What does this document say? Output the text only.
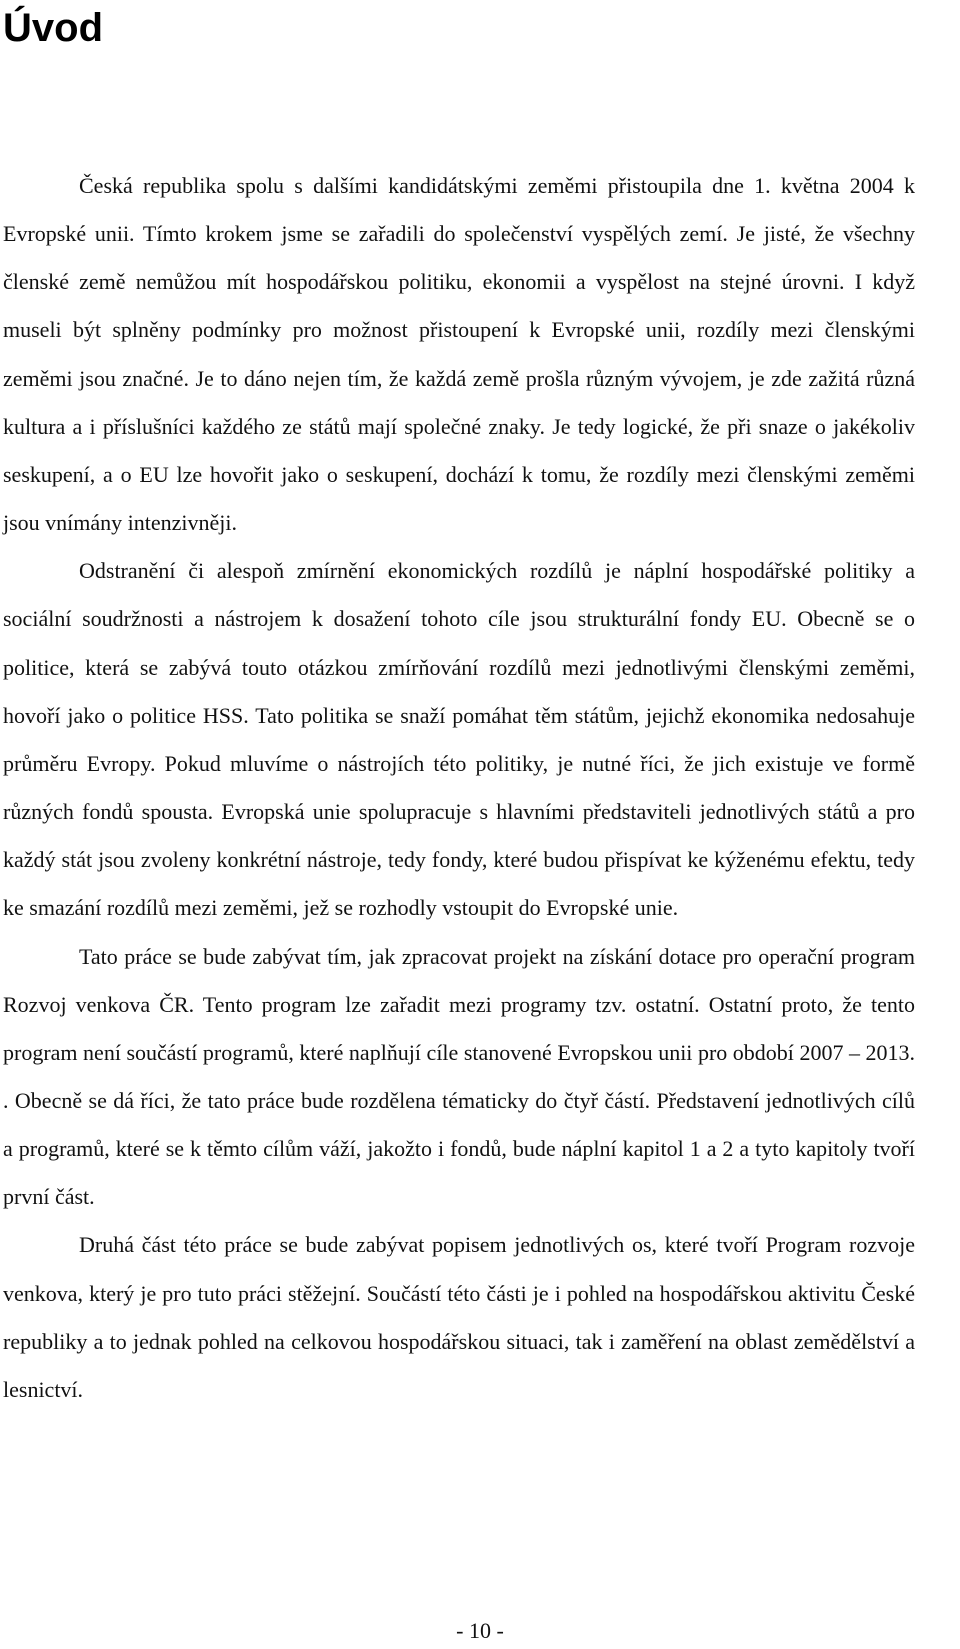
Úvod

Česká republika spolu s dalšími kandidátskými zeměmi přistoupila dne 1. května 2004 k Evropské unii. Tímto krokem jsme se zařadili do společenství vyspělých zemí. Je jisté, že všechny členské země nemůžou mít hospodářskou politiku, ekonomii a vyspělost na stejné úrovni. I když museli být splněny podmínky pro možnost přistoupení k Evropské unii, rozdíly mezi členskými zeměmi jsou značné. Je to dáno nejen tím, že každá země prošla různým vývojem, je zde zažitá různá kultura a i příslušníci každého ze států mají společné znaky. Je tedy logické, že při snaze o jakékoliv seskupení, a o EU lze hovořit jako o seskupení, dochází k tomu, že rozdíly mezi členskými zeměmi jsou vnímány intenzivněji.

Odstranění či alespoň zmírnění ekonomických rozdílů je náplní hospodářské politiky a sociální soudržnosti a nástrojem k dosažení tohoto cíle jsou strukturální fondy EU. Obecně se o politice, která se zabývá touto otázkou zmírňování rozdílů mezi jednotlivými členskými zeměmi, hovoří jako o politice HSS. Tato politika se snaží pomáhat těm státům, jejichž ekonomika nedosahuje průměru Evropy. Pokud mluvíme o nástrojích této politiky, je nutné říci, že jich existuje ve formě různých fondů spousta. Evropská unie spolupracuje s hlavními představiteli jednotlivých států a pro každý stát jsou zvoleny konkrétní nástroje, tedy fondy, které budou přispívat ke kýženému efektu, tedy ke smazání rozdílů mezi zeměmi, jež se rozhodly vstoupit do Evropské unie.

Tato práce se bude zabývat tím, jak zpracovat projekt na získání dotace pro operační program Rozvoj venkova ČR. Tento program lze zařadit mezi programy tzv. ostatní. Ostatní proto, že tento program není součástí programů, které naplňují cíle stanovené Evropskou unii pro období 2007 – 2013. . Obecně se dá říci, že tato práce bude rozdělena tématicky do čtyř částí. Představení jednotlivých cílů a programů, které se k těmto cílům váží, jakožto i fondů, bude náplní kapitol 1 a 2 a tyto kapitoly tvoří první část.

Druhá část této práce se bude zabývat popisem jednotlivých os, které tvoří Program rozvoje venkova, který je pro tuto práci stěžejní. Součástí této části je i pohled na hospodářskou aktivitu České republiky a to jednak pohled na celkovou hospodářskou situaci, tak i zaměření na oblast zemědělství a lesnictví.

- 10 -
